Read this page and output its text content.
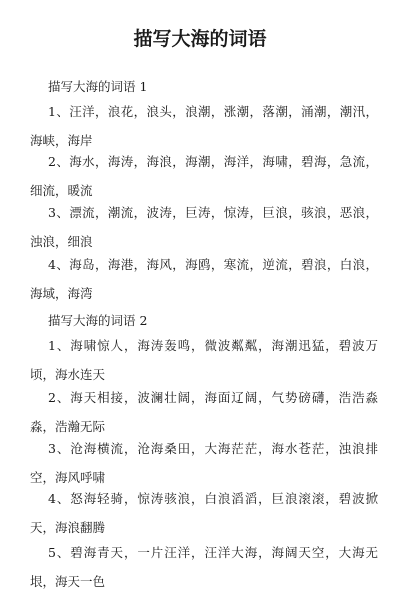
描写大海的词语

描写大海的词语 1

1、汪洋，浪花，浪头，浪潮，涨潮，落潮，涌潮，潮汛，海峡，海岸

2、海水，海涛，海浪，海潮，海洋，海啸，碧海，急流，细流，暖流

3、漂流，潮流，波涛，巨涛，惊涛，巨浪，骇浪，恶浪，浊浪，细浪

4、海岛，海港，海风，海鸥，寒流，逆流，碧浪，白浪，海域，海湾

描写大海的词语 2

1、海啸惊人，海涛轰鸣，微波粼粼，海潮迅猛，碧波万顷，海水连天

2、海天相接，波澜壮阔，海面辽阔，气势磅礴，浩浩淼淼，浩瀚无际

3、沧海横流，沧海桑田，大海茫茫，海水苍茫，浊浪排空，海风呼啸

4、怒海轻骑，惊涛骇浪，白浪滔滔，巨浪滚滚，碧波掀天，海浪翻腾

5、碧海青天，一片汪洋，汪洋大海，海阔天空，大海无垠，海天一色
